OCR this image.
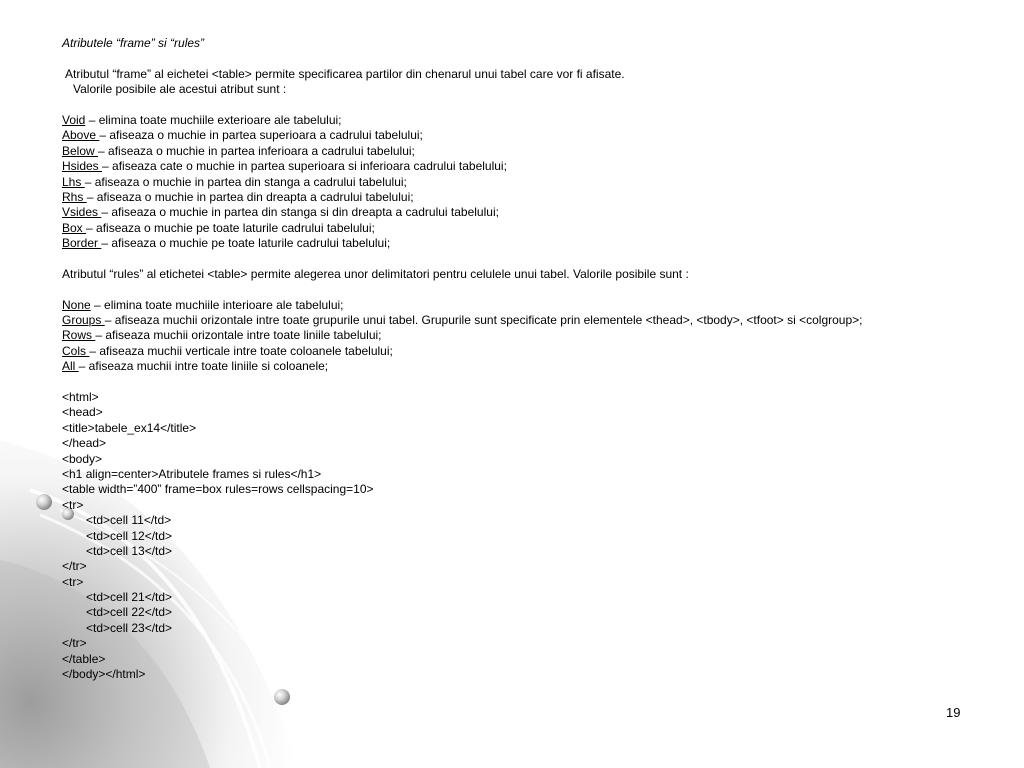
Atributele “frame” si “rules”
Atributul “frame” al eichetei <table> permite specificarea partilor din chenarul unui tabel care vor fi afisate.
Valorile posibile ale acestui atribut sunt :
Void – elimina toate muchiile exterioare ale tabelului;
Above – afiseaza o muchie in partea superioara a cadrului tabelului;
Below – afiseaza o muchie in partea inferioara a cadrului tabelului;
Hsides – afiseaza cate o muchie in partea superioara si inferioara cadrului tabelului;
Lhs – afiseaza o muchie in partea din stanga a cadrului tabelului;
Rhs – afiseaza o muchie in partea din dreapta a cadrului tabelului;
Vsides – afiseaza o muchie in partea din stanga si din dreapta a cadrului tabelului;
Box – afiseaza o muchie pe toate laturile cadrului tabelului;
Border – afiseaza o muchie pe toate laturile cadrului tabelului;
Atributul “rules” al etichetei <table> permite alegerea unor delimitatori pentru celulele unui tabel. Valorile posibile sunt :
None – elimina toate muchiile interioare ale tabelului;
Groups – afiseaza muchii orizontale intre toate grupurile unui tabel. Grupurile sunt specificate prin elementele <thead>, <tbody>, <tfoot> si <colgroup>;
Rows – afiseaza muchii orizontale intre toate liniile tabelului;
Cols – afiseaza muchii verticale intre toate coloanele tabelului;
All – afiseaza muchii intre toate liniile si coloanele;
<html>
<head>
<title>tabele_ex14</title>
</head>
<body>
<h1 align=center>Atributele frames si rules</h1>
<table width=”400” frame=box rules=rows cellspacing=10>
<tr>
<td>cell 11</td>
<td>cell 12</td>
<td>cell 13</td>
</tr>
<tr>
<td>cell 21</td>
<td>cell 22</td>
<td>cell 23</td>
</tr>
</table>
</body></html>
19
